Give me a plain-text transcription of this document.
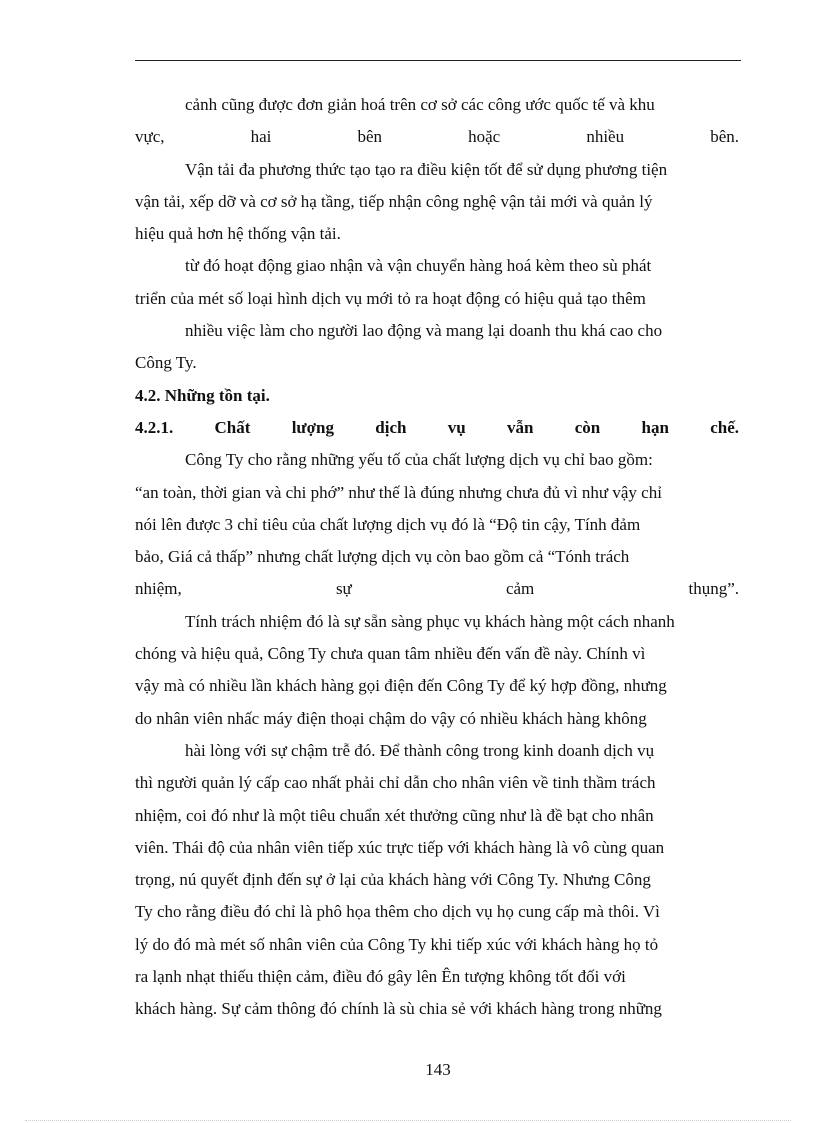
cảnh cũng được đơn giản hoá trên cơ sở các công ước quốc tế và khu
vực, hai bên hoặc nhiều bên.
Vận tải đa phương thức tạo tạo ra điều kiện tốt để sử dụng phương tiện
vận tải, xếp dỡ và cơ sở hạ tầng, tiếp nhận công nghệ vận tải mới và quản lý
hiệu quả hơn hệ thống vận tải.
từ đó hoạt động giao nhận và vận chuyển hàng hoá kèm theo sù phát
triển của mét số loại hình dịch vụ mới tỏ ra hoạt động có hiệu quả tạo thêm
nhiều việc làm cho người lao động và mang lại doanh thu khá cao cho
Công Ty.
4.2. Những tồn tại.
4.2.1. Chất lượng dịch vụ vẫn còn hạn chế.
Công Ty cho rằng những yếu tố của chất lượng dịch vụ chỉ bao gồm:
“an toàn, thời gian và chi phớ” như thế là đúng nhưng chưa đủ vì như vậy chỉ
nói lên được 3 chỉ tiêu của chất lượng dịch vụ đó là “Độ tin cậy, Tính đảm
bảo, Giá cả thấp” nhưng chất lượng dịch vụ còn bao gồm cả “Tónh trách
nhiệm, sự cảm thụng”.
Tính trách nhiệm đó là sự sẵn sàng phục vụ khách hàng một cách nhanh
chóng và hiệu quả, Công Ty chưa quan tâm nhiều đến vấn đề này. Chính vì
vậy mà có nhiều lần khách hàng gọi điện đến Công Ty để ký hợp đồng, nhưng
do nhân viên nhấc máy điện thoại chậm do vậy có nhiều khách hàng không
hài lòng với sự chậm trễ đó. Để thành công trong kinh doanh dịch vụ
thì người quản lý cấp cao nhất phải chỉ dẫn cho nhân viên về tinh thầm trách
nhiệm, coi đó như là một tiêu chuẩn xét thưởng cũng như là đề bạt cho nhân
viên. Thái độ của nhân viên tiếp xúc trực tiếp với khách hàng là vô cùng quan
trọng, nú quyết định đến sự ở lại của khách hàng với Công Ty. Nhưng Công
Ty cho rằng điều đó chỉ là phô họa thêm cho dịch vụ họ cung cấp mà thôi. Vì
lý do đó mà mét số nhân viên của Công Ty khi tiếp xúc với khách hàng họ tỏ
ra lạnh nhạt thiếu thiện cảm, điều đó gây lên Ên tượng không tốt đối với
khách hàng. Sự cảm thông đó chính là sù chia sẻ với khách hàng trong những
143
